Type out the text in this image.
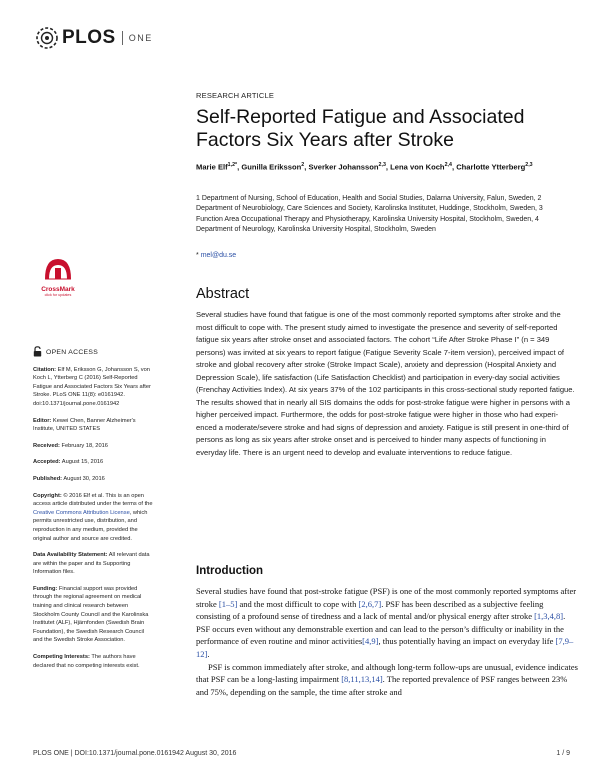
PLOS ONE
RESEARCH ARTICLE
Self-Reported Fatigue and Associated Factors Six Years after Stroke
Marie Elf$^{1,2*}$, Gunilla Eriksson$^2$, Sverker Johansson$^{2,3}$, Lena von Koch$^{2,4}$, Charlotte Ytterberg$^{2,3}$
1 Department of Nursing, School of Education, Health and Social Studies, Dalarna University, Falun, Sweden, 2 Department of Neurobiology, Care Sciences and Society, Karolinska Institutet, Huddinge, Stockholm, Sweden, 3 Function Area Occupational Therapy and Physiotherapy, Karolinska University Hospital, Stockholm, Sweden, 4 Department of Neurology, Karolinska University Hospital, Stockholm, Sweden
* mel@du.se
CrossMark
click for updates
OPEN ACCESS

Citation: Elf M, Eriksson G, Johansson S, von Koch L, Ytterberg C (2016) Self-Reported Fatigue and Associated Factors Six Years after Stroke. PLoS ONE 11(8): e0161942. doi:10.1371/journal.pone.0161942

Editor: Kewei Chen, Banner Alzheimer's Institute, UNITED STATES

Received: February 18, 2016

Accepted: August 15, 2016

Published: August 30, 2016

Copyright: © 2016 Elf et al. This is an open access article distributed under the terms of the Creative Commons Attribution License, which permits unrestricted use, distribution, and reproduction in any medium, provided the original author and source are credited.

Data Availability Statement: All relevant data are within the paper and its Supporting Information files.

Funding: Financial support was provided through the regional agreement on medical training and clinical research between Stockholm County Council and the Karolinska Institutet (ALF), Hjärnfonden (Swedish Brain Foundation), the Swedish Research Council and the Swedish Stroke Association.

Competing Interests: The authors have declared that no competing interests exist.

Abstract

Several studies have found that fatigue is one of the most commonly reported symptoms after stroke and the most difficult to cope with. The present study aimed to investigate the presence and severity of self-reported fatigue six years after stroke onset and associated factors. The cohort “Life After Stroke Phase I” (n = 349 persons) was invited at six years to report fatigue (Fatigue Severity Scale 7-item version), perceived impact of stroke and global recovery after stroke (Stroke Impact Scale), anxiety and depression (Hospital Anxiety and Depression Scale), life satisfaction (Life Satisfaction Checklist) and participation in every-day social activities (Frenchay Activities Index). At six years 37% of the 102 participants in this cross-sectional study reported fatigue. The results showed that in nearly all SIS domains the odds for post-stroke fatigue were higher in persons with a higher perceived impact. Furthermore, the odds for post-stroke fatigue were higher in those who had experi-enced a moderate/severe stroke and had signs of depression and anxiety. Fatigue is still present in one-third of persons as long as six years after stroke onset and is perceived to hinder many aspects of functioning in everyday life. There is an urgent need to develop and evaluate interventions to reduce fatigue.

Introduction

Several studies have found that post-stroke fatigue (PSF) is one of the most commonly reported symptoms after stroke [1–5] and the most difficult to cope with [2,6,7]. PSF has been described as a subjective feeling consisting of a profound sense of tiredness and a lack of mental and/or physical energy after stroke [1,3,4,8]. PSF occurs even without any demonstrable exertion and can lead to the person’s difficulty or inability in the performance of even routine and minor activities[4,9], thus potentially having an impact on everyday life [7,9–12].

PSF is common immediately after stroke, and although long-term follow-ups are unusual, evidence indicates that PSF can be a long-lasting impairment [8,11,13,14]. The reported prevalence of PSF ranges between 23% and 75%, depending on the sample, the time after stroke and

PLOS ONE | DOI:10.1371/journal.pone.0161942 August 30, 2016	1 / 9
